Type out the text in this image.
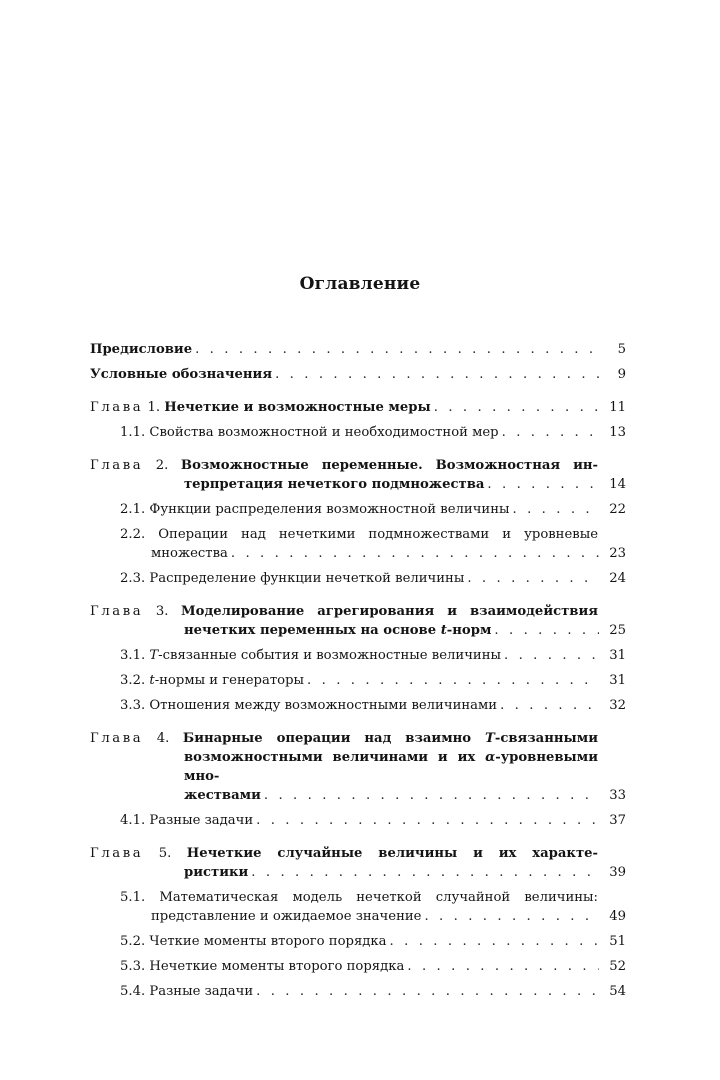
Оглавление
Предисловие . . .	5
Условные обозначения . . .	9
Глава 1. Нечеткие и возможностные меры . . .	11
1.1. Свойства возможностной и необходимостной мер . . .	13
Глава 2. Возможностные переменные. Возможностная ин-
терпретация нечеткого подмножества . . .	14
2.1. Функции распределения возможностной величины . . .	22
2.2. Операции над нечеткими подмножествами и уровневые
множества . . .	23
2.3. Распределение функции нечеткой величины . . .	24
Глава 3. Моделирование агрегирования и взаимодействия
нечетких переменных на основе t-норм . . .	25
3.1. T-связанные события и возможностные величины . . .	31
3.2. t-нормы и генераторы . . .	31
3.3. Отношения между возможностными величинами . . .	32
Глава 4. Бинарные операции над взаимно T-связанными
возможностными величинами и их α-уровневыми мно-
жествами . . .	33
4.1. Разные задачи . . .	37
Глава 5. Нечеткие случайные величины и их характе-
ристики . . .	39
5.1. Математическая модель нечеткой случайной величины:
представление и ожидаемое значение . . .	49
5.2. Четкие моменты второго порядка . . .	51
5.3. Нечеткие моменты второго порядка . . .	52
5.4. Разные задачи . . .	54
